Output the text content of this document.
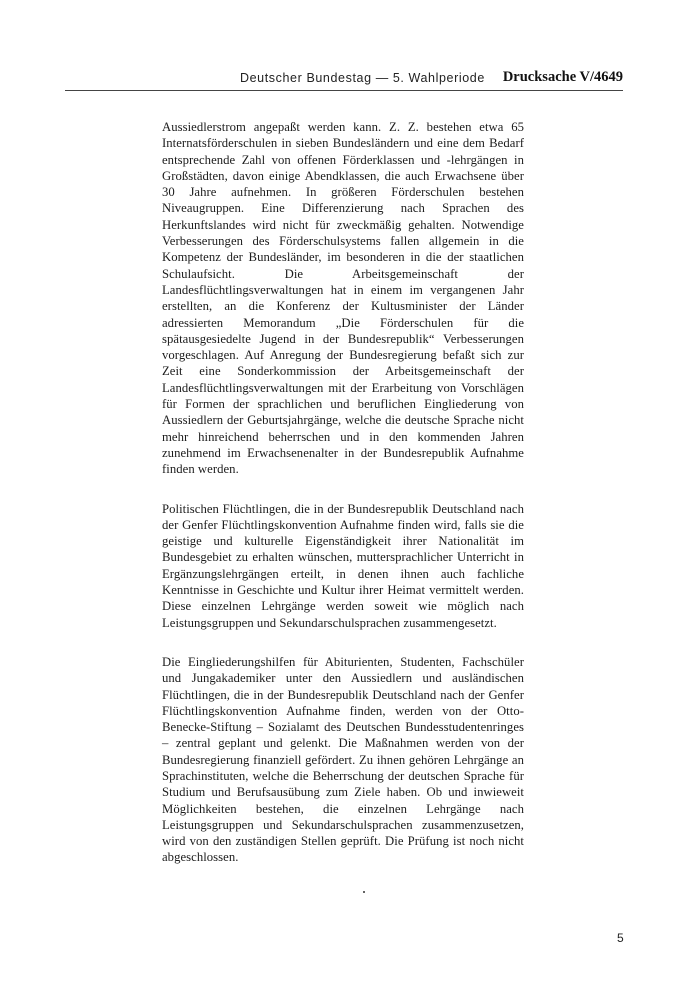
Deutscher Bundestag — 5. Wahlperiode Drucksache V/4649

Aussiedlerstrom angepaßt werden kann. Z. Z. bestehen etwa 65 Internatsförderschulen in sieben Bundesländern und eine dem Bedarf entsprechende Zahl von offenen Förderklassen und -lehrgängen in Großstädten, davon einige Abendklassen, die auch Erwachsene über 30 Jahre aufnehmen. In größeren Förderschulen bestehen Niveaugruppen. Eine Differenzierung nach Sprachen des Herkunftslandes wird nicht für zweckmäßig gehalten. Notwendige Verbesserungen des Förderschulsystems fallen allgemein in die Kompetenz der Bundesländer, im besonderen in die der staatlichen Schulaufsicht. Die Arbeitsgemeinschaft der Landesflüchtlingsverwaltungen hat in einem im vergangenen Jahr erstellten, an die Konferenz der Kultusminister der Länder adressierten Memorandum „Die Förderschulen für die spätausgesiedelte Jugend in der Bundesrepublik“ Verbesserungen vorgeschlagen. Auf Anregung der Bundesregierung befaßt sich zur Zeit eine Sonderkommission der Arbeitsgemeinschaft der Landesflüchtlingsverwaltungen mit der Erarbeitung von Vorschlägen für Formen der sprachlichen und beruflichen Eingliederung von Aussiedlern der Geburtsjahrgänge, welche die deutsche Sprache nicht mehr hinreichend beherrschen und in den kommenden Jahren zunehmend im Erwachsenenalter in der Bundesrepublik Aufnahme finden werden.

Politischen Flüchtlingen, die in der Bundesrepublik Deutschland nach der Genfer Flüchtlingskonvention Aufnahme finden wird, falls sie die geistige und kulturelle Eigenständigkeit ihrer Nationalität im Bundesgebiet zu erhalten wünschen, muttersprachlicher Unterricht in Ergänzungslehrgängen erteilt, in denen ihnen auch fachliche Kenntnisse in Geschichte und Kultur ihrer Heimat vermittelt werden. Diese einzelnen Lehrgänge werden soweit wie möglich nach Leistungsgruppen und Sekundarschulsprachen zusammengesetzt.

Die Eingliederungshilfen für Abiturienten, Studenten, Fachschüler und Jungakademiker unter den Aussiedlern und ausländischen Flüchtlingen, die in der Bundesrepublik Deutschland nach der Genfer Flüchtlingskonvention Aufnahme finden, werden von der Otto-Benecke-Stiftung – Sozialamt des Deutschen Bundesstudentenringes – zentral geplant und gelenkt. Die Maßnahmen werden von der Bundesregierung finanziell gefördert. Zu ihnen gehören Lehrgänge an Sprachinstituten, welche die Beherrschung der deutschen Sprache für Studium und Berufsausübung zum Ziele haben. Ob und inwieweit Möglichkeiten bestehen, die einzelnen Lehrgänge nach Leistungsgruppen und Sekundarschulsprachen zusammenzusetzen, wird von den zuständigen Stellen geprüft. Die Prüfung ist noch nicht abgeschlossen.

5
